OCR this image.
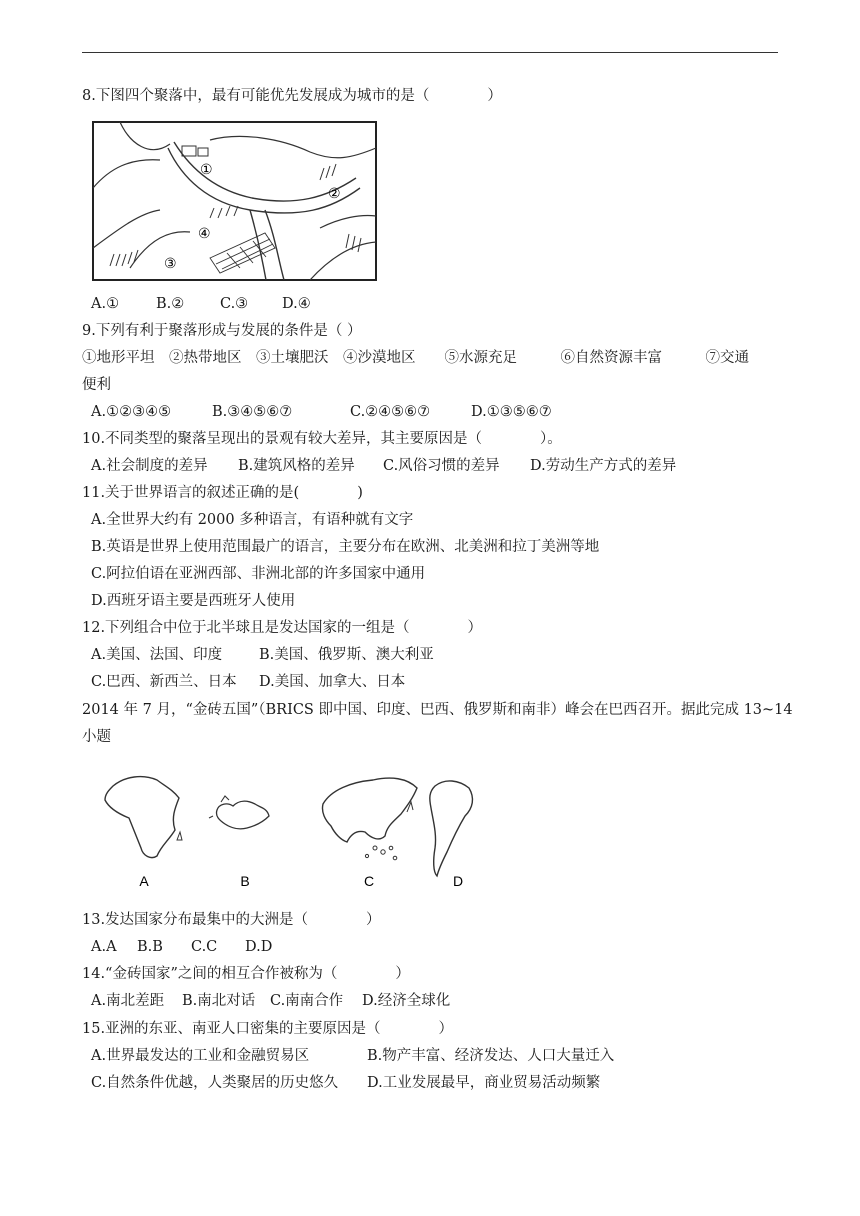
8.下图四个聚落中，最有可能优先发展成为城市的是（　　　　）
①
②
③
④
A.①	B.② C.③ D.④
9.下列有利于聚落形成与发展的条件是（ ）
①地形平坦　②热带地区　③土壤肥沃　④沙漠地区　　⑤水源充足　　　⑥自然资源丰富　　　⑦交通
便利
A.①②③④⑤	B.③④⑤⑥⑦	C.②④⑤⑥⑦	D.①③⑤⑥⑦
10.不同类型的聚落呈现出的景观有较大差异，其主要原因是（　　　　）。
A.社会制度的差异 B.建筑风格的差异 C.风俗习惯的差异 D.劳动生产方式的差异
11.关于世界语言的叙述正确的是(　　　　)
A.全世界大约有 2000 多种语言，有语种就有文字
B.英语是世界上使用范围最广的语言，主要分布在欧洲、北美洲和拉丁美洲等地
C.阿拉伯语在亚洲西部、非洲北部的许多国家中通用
D.西班牙语主要是西班牙人使用
12.下列组合中位于北半球且是发达国家的一组是（　　　　）
A.美国、法国、印度	B.美国、俄罗斯、澳大利亚
C.巴西、新西兰、日本 D.美国、加拿大、日本
2014 年 7 月，“金砖五国”（BRICS 即中国、印度、巴西、俄罗斯和南非）峰会在巴西召开。据此完成 13~14
小题
A	B	C	D
13.发达国家分布最集中的大洲是（　　　　）
A.A B.B C.C D.D
14.“金砖国家”之间的相互合作被称为（　　　　）
A.南北差距 B.南北对话 C.南南合作 D.经济全球化
15.亚洲的东亚、南亚人口密集的主要原因是（　　　　）
A.世界最发达的工业和金融贸易区	B.物产丰富、经济发达、人口大量迁入
C.自然条件优越，人类聚居的历史悠久 D.工业发展最早，商业贸易活动频繁
